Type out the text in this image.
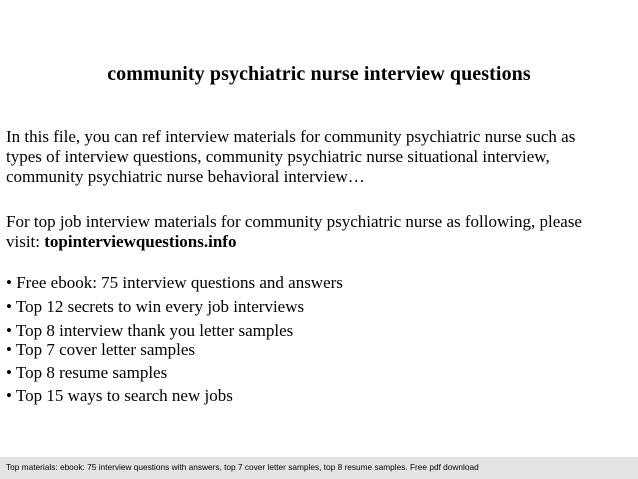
community psychiatric nurse interview questions

In this file, you can ref interview materials for community psychiatric nurse such as

types of interview questions, community psychiatric nurse situational interview,

community psychiatric nurse behavioral interview…

For top job interview materials for community psychiatric nurse as following, please
visit: topinterviewquestions.info
• Free ebook: 75 interview questions and answers
• Top 12 secrets to win every job interviews
• Top 8 interview thank you letter samples
• Top 7 cover letter samples
• Top 8 resume samples
• Top 15 ways to search new jobs
Top materials: ebook: 75 interview questions with answers, top 7 cover letter samples, top 8 resume samples. Free pdf download
